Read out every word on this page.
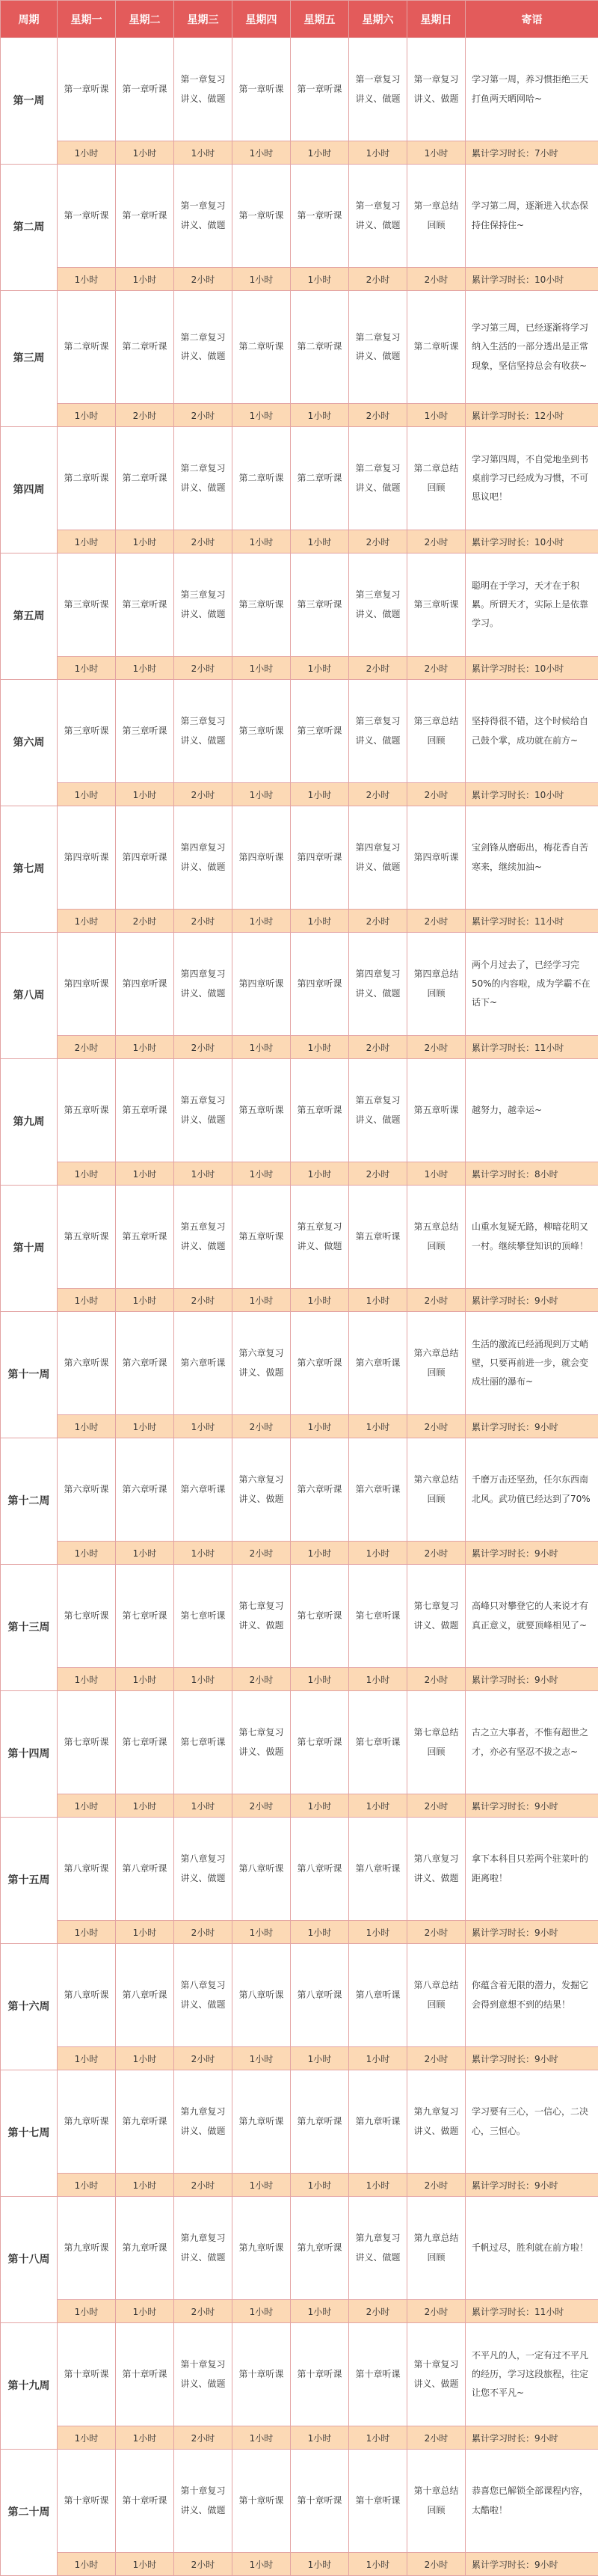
周期	星期一	星期二	星期三	星期四	星期五	星期六	星期日	寄语
第一周	第一章听课	第一章听课	第一章复习讲义、做题	第一章听课	第一章听课	第一章复习讲义、做题	第一章复习讲义、做题	学习第一周，养习惯拒绝三天打鱼两天晒网哈~
	1小时	1小时	1小时	1小时	1小时	1小时	1小时	累计学习时长：7小时
第二周	第一章听课	第一章听课	第一章复习讲义、做题	第一章听课	第一章听课	第一章复习讲义、做题	第一章总结回顾	学习第二周，逐渐进入状态保持住保持住~
	1小时	1小时	2小时	1小时	1小时	2小时	2小时	累计学习时长：10小时
第三周	第二章听课	第二章听课	第二章复习讲义、做题	第二章听课	第二章听课	第二章复习讲义、做题	第二章听课	学习第三周，已经逐渐将学习纳入生活的一部分透出是正常现象，坚信坚持总会有收获~
	1小时	2小时	2小时	1小时	1小时	2小时	1小时	累计学习时长：12小时
第四周	第二章听课	第二章听课	第二章复习讲义、做题	第二章听课	第二章听课	第二章复习讲义、做题	第二章总结回顾	学习第四周，不自觉地坐到书桌前学习已经成为习惯，不可思议吧！
	1小时	1小时	2小时	1小时	1小时	2小时	2小时	累计学习时长：10小时
第五周	第三章听课	第三章听课	第三章复习讲义、做题	第三章听课	第三章听课	第三章复习讲义、做题	第三章听课	聪明在于学习，天才在于积累。所谓天才，实际上是依靠学习。
	1小时	1小时	2小时	1小时	1小时	2小时	2小时	累计学习时长：10小时
第六周	第三章听课	第三章听课	第三章复习讲义、做题	第三章听课	第三章听课	第三章复习讲义、做题	第三章总结回顾	坚持得很不错，这个时候给自己鼓个掌，成功就在前方~
	1小时	1小时	2小时	1小时	1小时	2小时	2小时	累计学习时长：10小时
第七周	第四章听课	第四章听课	第四章复习讲义、做题	第四章听课	第四章听课	第四章复习讲义、做题	第四章听课	宝剑锋从磨砺出，梅花香自苦寒来，继续加油~
	1小时	2小时	2小时	1小时	1小时	2小时	2小时	累计学习时长：11小时
第八周	第四章听课	第四章听课	第四章复习讲义、做题	第四章听课	第四章听课	第四章复习讲义、做题	第四章总结回顾	两个月过去了，已经学习完50%的内容啦，成为学霸不在话下~
	2小时	1小时	2小时	1小时	1小时	2小时	2小时	累计学习时长：11小时
第九周	第五章听课	第五章听课	第五章复习讲义、做题	第五章听课	第五章听课	第五章复习讲义、做题	第五章听课	越努力，越幸运~
	1小时	1小时	1小时	1小时	1小时	2小时	1小时	累计学习时长：8小时
第十周	第五章听课	第五章听课	第五章复习讲义、做题	第五章听课	第五章复习讲义、做题	第五章听课	第五章总结回顾	山重水复疑无路，柳暗花明又一村。继续攀登知识的顶峰！
	1小时	1小时	2小时	1小时	1小时	1小时	2小时	累计学习时长：9小时
第十一周	第六章听课	第六章听课	第六章听课	第六章复习讲义、做题	第六章听课	第六章听课	第六章总结回顾	生活的激流已经涌现到万丈峭壁，只要再前进一步，就会变成壮丽的瀑布~
	1小时	1小时	1小时	2小时	1小时	1小时	2小时	累计学习时长：9小时
第十二周	第六章听课	第六章听课	第六章听课	第六章复习讲义、做题	第六章听课	第六章听课	第六章总结回顾	千磨万击还坚劲，任尔东西南北风。武功值已经达到了70%
	1小时	1小时	1小时	2小时	1小时	1小时	2小时	累计学习时长：9小时
第十三周	第七章听课	第七章听课	第七章听课	第七章复习讲义、做题	第七章听课	第七章听课	第七章复习讲义、做题	高峰只对攀登它的人来说才有真正意义，就要顶峰相见了~
	1小时	1小时	1小时	2小时	1小时	1小时	2小时	累计学习时长：9小时
第十四周	第七章听课	第七章听课	第七章听课	第七章复习讲义、做题	第七章听课	第七章听课	第七章总结回顾	古之立大事者，不惟有超世之才，亦必有坚忍不拔之志~
	1小时	1小时	1小时	2小时	1小时	1小时	2小时	累计学习时长：9小时
第十五周	第八章听课	第八章听课	第八章复习讲义、做题	第八章听课	第八章听课	第八章听课	第八章复习讲义、做题	拿下本科目只差两个驻菜叶的距离啦！
	1小时	1小时	2小时	1小时	1小时	1小时	2小时	累计学习时长：9小时
第十六周	第八章听课	第八章听课	第八章复习讲义、做题	第八章听课	第八章听课	第八章听课	第八章总结回顾	你蕴含着无限的潜力，发掘它会得到意想不到的结果！
	1小时	1小时	2小时	1小时	1小时	1小时	2小时	累计学习时长：9小时
第十七周	第九章听课	第九章听课	第九章复习讲义、做题	第九章听课	第九章听课	第九章听课	第九章复习讲义、做题	学习要有三心，一信心，二决心，三恒心。
	1小时	1小时	2小时	1小时	1小时	1小时	2小时	累计学习时长：9小时
第十八周	第九章听课	第九章听课	第九章复习讲义、做题	第九章听课	第九章听课	第九章复习讲义、做题	第九章总结回顾	千帆过尽，胜利就在前方啦！
	1小时	1小时	2小时	1小时	1小时	2小时	2小时	累计学习时长：11小时
第十九周	第十章听课	第十章听课	第十章复习讲义、做题	第十章听课	第十章听课	第十章听课	第十章复习讲义、做题	不平凡的人，一定有过不平凡的经历，学习这段旅程，往定让您不平凡~
	1小时	1小时	2小时	1小时	1小时	1小时	2小时	累计学习时长：9小时
第二十周	第十章听课	第十章听课	第十章复习讲义、做题	第十章听课	第十章听课	第十章听课	第十章总结回顾	恭喜您已解锁全部课程内容，太酷啦！
	1小时	1小时	2小时	1小时	1小时	1小时	2小时	累计学习时长：9小时
